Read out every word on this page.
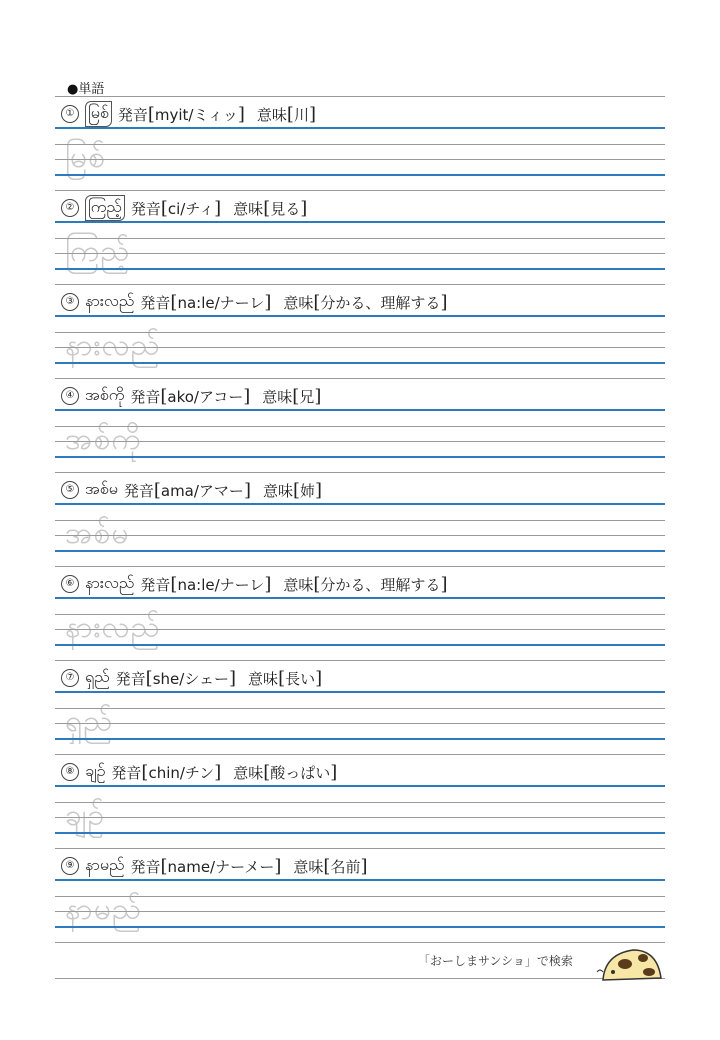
●単語
① မြစ် 発音 [ myit/ミィッ ] 意味 [ 川 ]
မြစ်
② ကြည့် 発音 [ ci/チィ ] 意味 [ 見る ]
ကြည့်
③ နားလည် 発音 [ na:le/ナーレ ] 意味 [ 分かる、理解する ]
နားလည်
④ အစ်ကို 発音 [ ako/アコー ] 意味 [ 兄 ]
အစ်ကို
⑤ အစ်မ 発音 [ ama/アマー ] 意味 [ 姉 ]
အစ်မ
⑥ နားလည် 発音 [ na:le/ナーレ ] 意味 [ 分かる、理解する ]
နားလည်
⑦ ရှည် 発音 [ she/シェー ] 意味 [ 長い ]
ရှည်
⑧ ချဉ် 発音 [ chin/チン ] 意味 [ 酸っぱい ]
ချဉ်
⑨ နာမည် 発音 [ name/ナーメー ] 意味 [ 名前 ]
နာမည်
「おーしまサンショ」で検索
